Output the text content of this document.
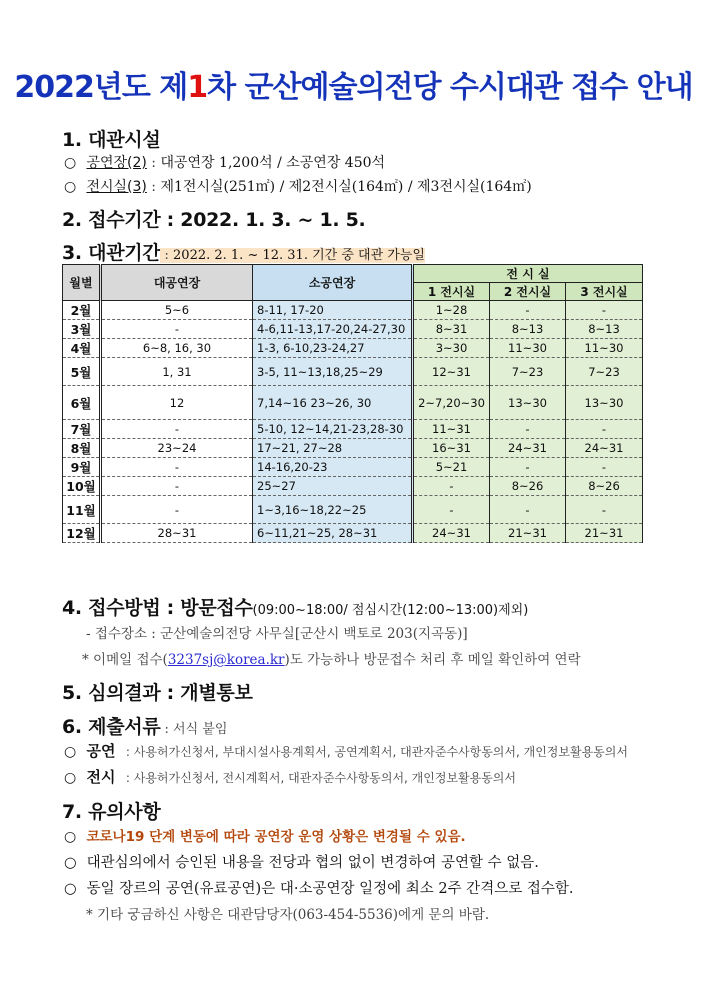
2022년도 제1차 군산예술의전당 수시대관 접수 안내
1. 대관시설
○ 공연장(2) : 대공연장 1,200석 / 소공연장 450석
○ 전시실(3) : 제1전시실(251㎡) / 제2전시실(164㎡) / 제3전시실(164㎡)
2. 접수기간 : 2022. 1. 3. ~ 1. 5.
3. 대관기간 : 2022. 2. 1. ~ 12. 31. 기간 중 대관 가능일
월별	대공연장	소공연장	전 시 실		
			1 전시실	2 전시실	3 전시실
2월	5~6	8-11, 17-20	1~28	-	-
3월	-	4-6,11-13,17-20,24-27,30	8~31	8~13	8~13
4월	6~8, 16, 30	1-3, 6-10,23-24,27	3~30	11~30	11~30
5월	1, 31	3-5, 11~13,18,25~29	12~31	7~23	7~23
6월	12	7,14~16 23~26, 30	2~7,20~30	13~30	13~30
7월	-	5-10, 12~14,21-23,28-30	11~31	-	-
8월	23~24	17~21, 27~28	16~31	24~31	24~31
9월	-	14-16,20-23	5~21	-	-
10월	-	25~27	-	8~26	8~26
11월	-	1~3,16~18,22~25	-	-	-
12월	28~31	6~11,21~25, 28~31	24~31	21~31	21~31
4. 접수방법 : 방문접수(09:00~18:00/ 점심시간(12:00~13:00)제외)
- 접수장소 : 군산예술의전당 사무실[군산시 백토로 203(지곡동)]
* 이메일 접수(3237sj@korea.kr)도 가능하나 방문접수 처리 후 메일 확인하여 연락
5. 심의결과 : 개별통보
6. 제출서류 : 서식 붙임
○ 공연 : 사용허가신청서, 부대시설사용계획서, 공연계획서, 대관자준수사항동의서, 개인정보활용동의서
○ 전시 : 사용허가신청서, 전시계획서, 대관자준수사항동의서, 개인정보활용동의서
7. 유의사항
○ 코로나19 단계 변동에 따라 공연장 운영 상황은 변경될 수 있음.
○ 대관심의에서 승인된 내용을 전당과 협의 없이 변경하여 공연할 수 없음.
○ 동일 장르의 공연(유료공연)은 대·소공연장 일정에 최소 2주 간격으로 접수함.
* 기타 궁금하신 사항은 대관담당자(063-454-5536)에게 문의 바람.
